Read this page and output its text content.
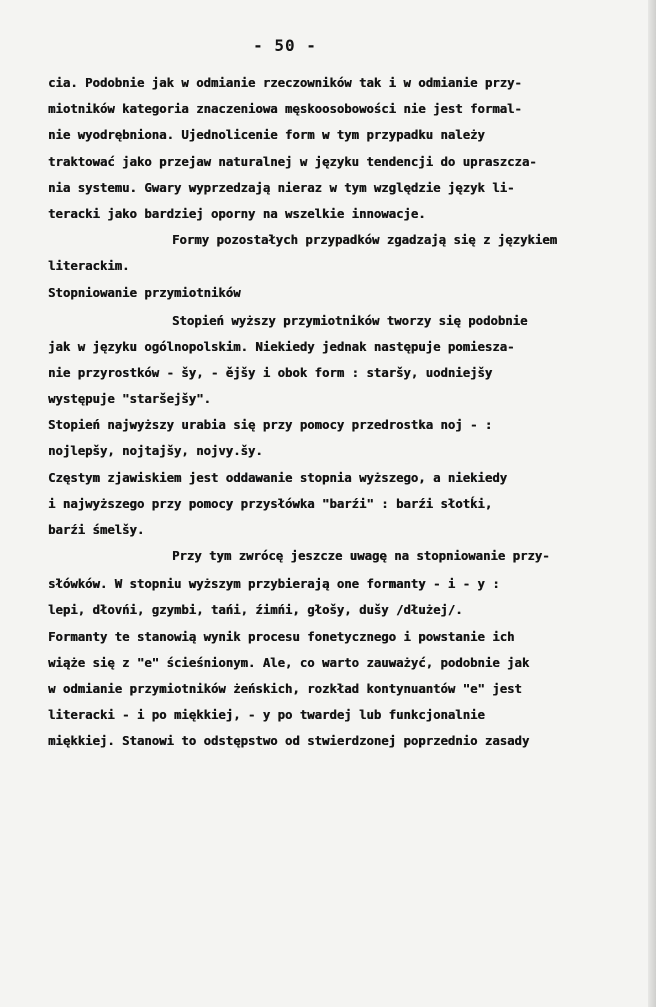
- 50 -
cia. Podobnie jak w odmianie rzeczowników tak i w odmianie przy-
miotników kategoria znaczeniowa męskoosobowości nie jest formal-
nie wyodrębniona. Ujednolicenie form w tym przypadku należy
traktować jako przejaw naturalnej w języku tendencji do upraszcza-
nia systemu. Gwary wyprzedzają nieraz w tym względzie język li-
teracki jako bardziej oporny na wszelkie innowacje.
Formy pozostałych przypadków zgadzają się z językiem
literackim.
Stopniowanie przymiotników
Stopień wyższy przymiotników tworzy się podobnie
jak w języku ogólnopolskim. Niekiedy jednak następuje pomiesza-
nie przyrostków - šy, - ějšy i obok form : staršy, uodniejšy
występuje "staršejšy".
Stopień najwyższy urabia się przy pomocy przedrostka noj - :
nojlepšy, nojtajšy, nojvy.šy.
Częstym zjawiskiem jest oddawanie stopnia wyższego, a niekiedy
i najwyższego przy pomocy przysłówka "barźi" : barźi słotḱi,
barźi śmelšy.
Przy tym zwrócę jeszcze uwagę na stopniowanie przy-
słówków. W stopniu wyższym przybierają one formanty - i - y :
lepi, dłovńi, gzymbi, tańi, źimńi, głošy, dušy /dłużej/.
Formanty te stanowią wynik procesu fonetycznego i powstanie ich
wiąże się z "e" ścieśnionym. Ale, co warto zauważyć, podobnie jak
w odmianie przymiotników żeńskich, rozkład kontynuantów "e" jest
literacki - i po miękkiej, - y po twardej lub funkcjonalnie
miękkiej. Stanowi to odstępstwo od stwierdzonej poprzednio zasady
